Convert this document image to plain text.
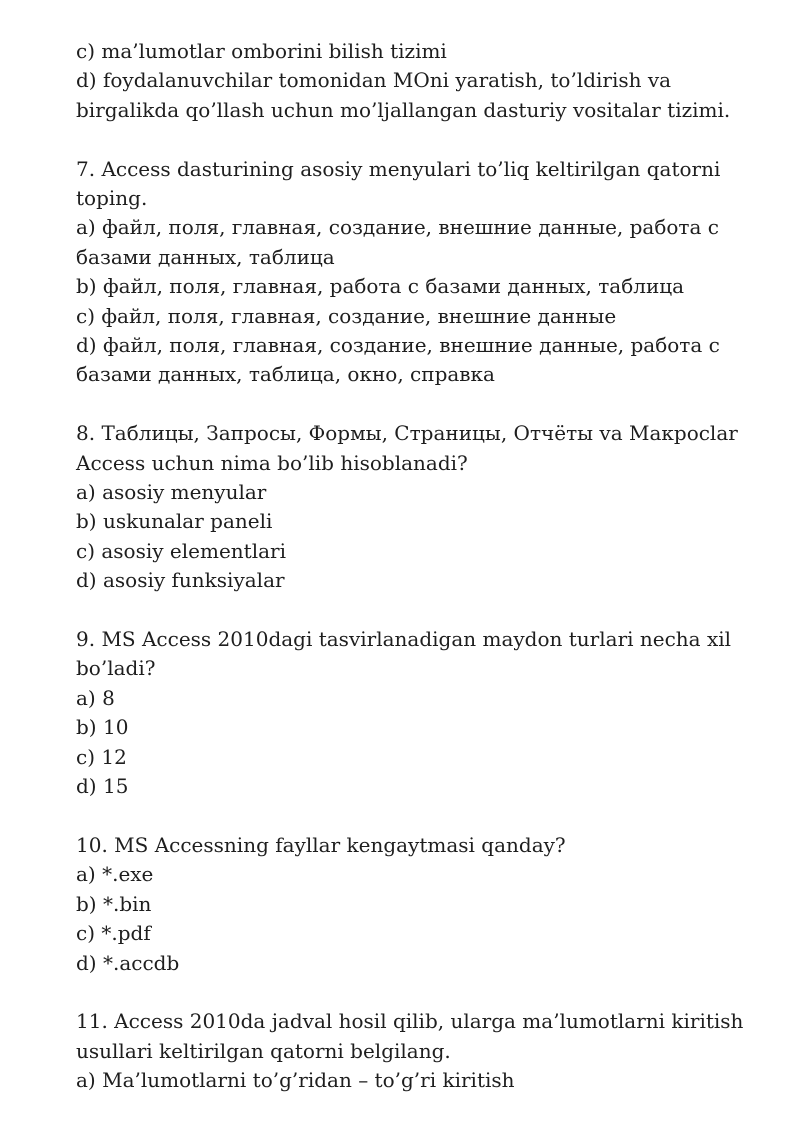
c) ma’lumotlar omborini bilish tizimi
d) foydalanuvchilar tomonidan MOni yaratish, to’ldirish va
birgalikda qo’llash uchun mo’ljallangan dasturiy vositalar tizimi.
7. Access dasturining asosiy menyulari to’liq keltirilgan qatorni
toping.
a) файл, поля, главная, создание, внешние данные, работа с
базами данных, таблица
b) файл, поля, главная, работа с базами данных, таблица
c) файл, поля, главная, создание, внешние данные
d) файл, поля, главная, создание, внешние данные, работа с
базами данных, таблица, окно, справка
8. Таблицы, Запросы, Формы, Страницы, Отчёты va Макросlar
Access uchun nima bo’lib hisoblanadi?
a) asosiy menyular
b) uskunalar paneli
c) asosiy elementlari
d) asosiy funksiyalar
9. MS Access 2010dagi tasvirlanadigan maydon turlari necha xil
bo’ladi?
a) 8
b) 10
c) 12
d) 15
10. MS Accessning fayllar kengaytmasi qanday?
a) *.exe
b) *.bin
c) *.pdf
d) *.accdb
11. Access 2010da jadval hosil qilib, ularga ma’lumotlarni kiritish
usullari keltirilgan qatorni belgilang.
a) Ma’lumotlarni to’g’ridan – to’g’ri kiritish
